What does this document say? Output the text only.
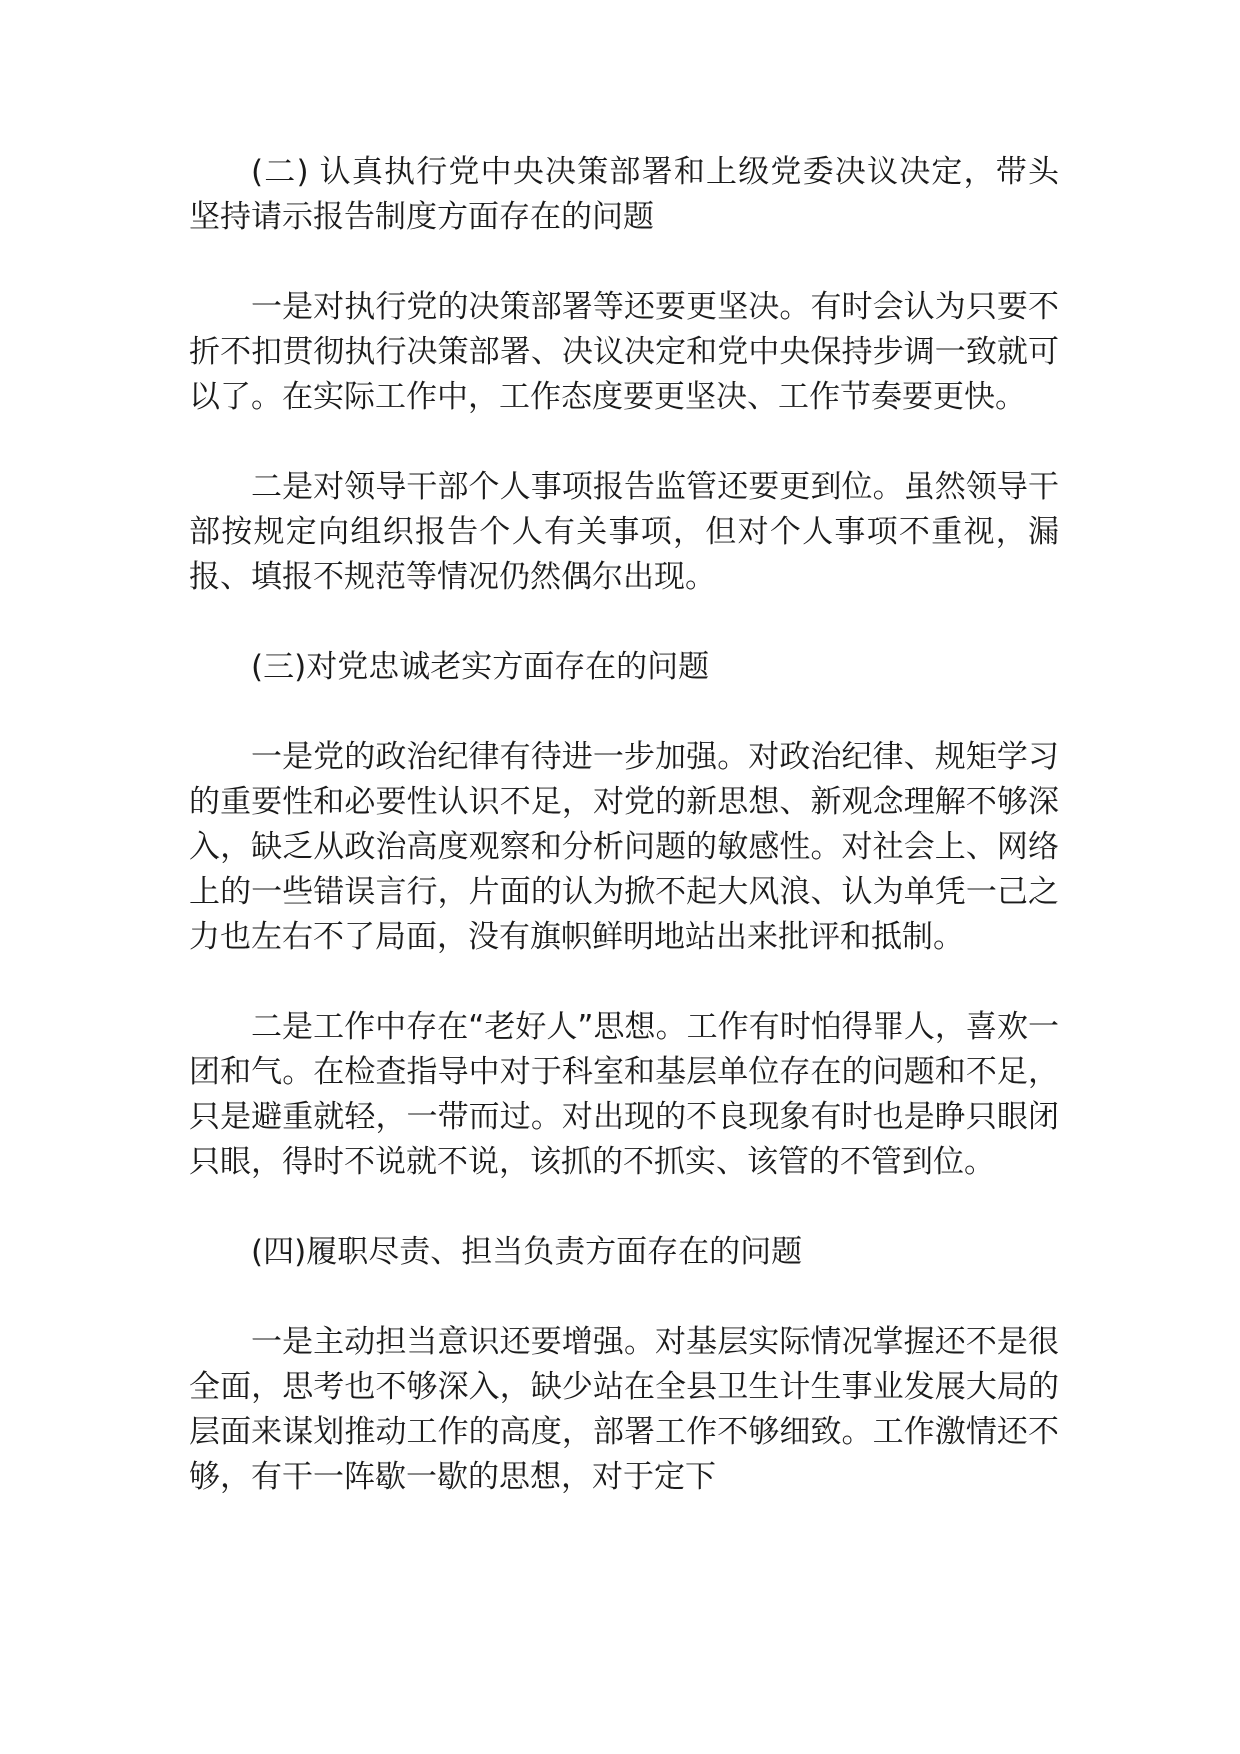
(二) 认真执行党中央决策部署和上级党委决议决定，带头坚持请示报告制度方面存在的问题

一是对执行党的决策部署等还要更坚决。有时会认为只要不折不扣贯彻执行决策部署、决议决定和党中央保持步调一致就可以了。在实际工作中，工作态度要更坚决、工作节奏要更快。

二是对领导干部个人事项报告监管还要更到位。虽然领导干部按规定向组织报告个人有关事项，但对个人事项不重视，漏报、填报不规范等情况仍然偶尔出现。

(三)对党忠诚老实方面存在的问题

一是党的政治纪律有待进一步加强。对政治纪律、规矩学习的重要性和必要性认识不足，对党的新思想、新观念理解不够深入，缺乏从政治高度观察和分析问题的敏感性。对社会上、网络上的一些错误言行，片面的认为掀不起大风浪、认为单凭一己之力也左右不了局面，没有旗帜鲜明地站出来批评和抵制。

二是工作中存在“老好人”思想。工作有时怕得罪人，喜欢一团和气。在检查指导中对于科室和基层单位存在的问题和不足，只是避重就轻，一带而过。对出现的不良现象有时也是睁只眼闭只眼，得时不说就不说，该抓的不抓实、该管的不管到位。

(四)履职尽责、担当负责方面存在的问题

一是主动担当意识还要增强。对基层实际情况掌握还不是很全面，思考也不够深入，缺少站在全县卫生计生事业发展大局的层面来谋划推动工作的高度，部署工作不够细致。工作激情还不够，有干一阵歇一歇的思想，对于定下
